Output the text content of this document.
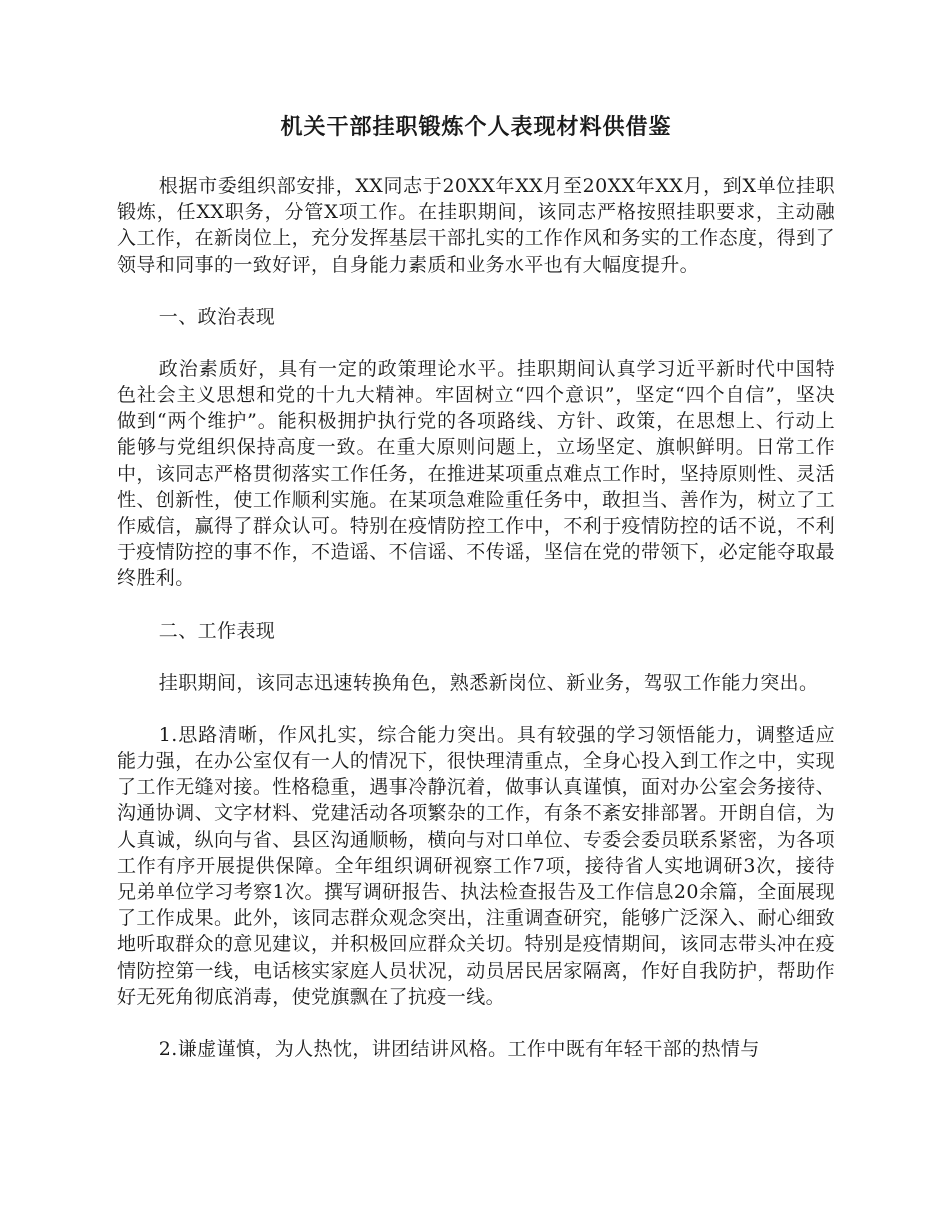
机关干部挂职锻炼个人表现材料供借鉴

根据市委组织部安排，XX同志于20XX年XX月至20XX年XX月，到X单位挂职锻炼，任XX职务，分管X项工作。在挂职期间，该同志严格按照挂职要求，主动融入工作，在新岗位上，充分发挥基层干部扎实的工作作风和务实的工作态度，得到了领导和同事的一致好评，自身能力素质和业务水平也有大幅度提升。

一、政治表现

政治素质好，具有一定的政策理论水平。挂职期间认真学习近平新时代中国特色社会主义思想和党的十九大精神。牢固树立“四个意识”，坚定“四个自信”，坚决做到“两个维护”。能积极拥护执行党的各项路线、方针、政策，在思想上、行动上能够与党组织保持高度一致。在重大原则问题上，立场坚定、旗帜鲜明。日常工作中，该同志严格贯彻落实工作任务，在推进某项重点难点工作时，坚持原则性、灵活性、创新性，使工作顺利实施。在某项急难险重任务中，敢担当、善作为，树立了工作威信，赢得了群众认可。特别在疫情防控工作中，不利于疫情防控的话不说，不利于疫情防控的事不作，不造谣、不信谣、不传谣，坚信在党的带领下，必定能夺取最终胜利。

二、工作表现

挂职期间，该同志迅速转换角色，熟悉新岗位、新业务，驾驭工作能力突出。

1.思路清晰，作风扎实，综合能力突出。具有较强的学习领悟能力，调整适应能力强，在办公室仅有一人的情况下，很快理清重点，全身心投入到工作之中，实现了工作无缝对接。性格稳重，遇事冷静沉着，做事认真谨慎，面对办公室会务接待、沟通协调、文字材料、党建活动各项繁杂的工作，有条不紊安排部署。开朗自信，为人真诚，纵向与省、县区沟通顺畅，横向与对口单位、专委会委员联系紧密，为各项工作有序开展提供保障。全年组织调研视察工作7项，接待省人实地调研3次，接待兄弟单位学习考察1次。撰写调研报告、执法检查报告及工作信息20余篇，全面展现了工作成果。此外，该同志群众观念突出，注重调查研究，能够广泛深入、耐心细致地听取群众的意见建议，并积极回应群众关切。特别是疫情期间，该同志带头冲在疫情防控第一线，电话核实家庭人员状况，动员居民居家隔离，作好自我防护，帮助作好无死角彻底消毒，使党旗飘在了抗疫一线。

2.谦虚谨慎，为人热忱，讲团结讲风格。工作中既有年轻干部的热情与
